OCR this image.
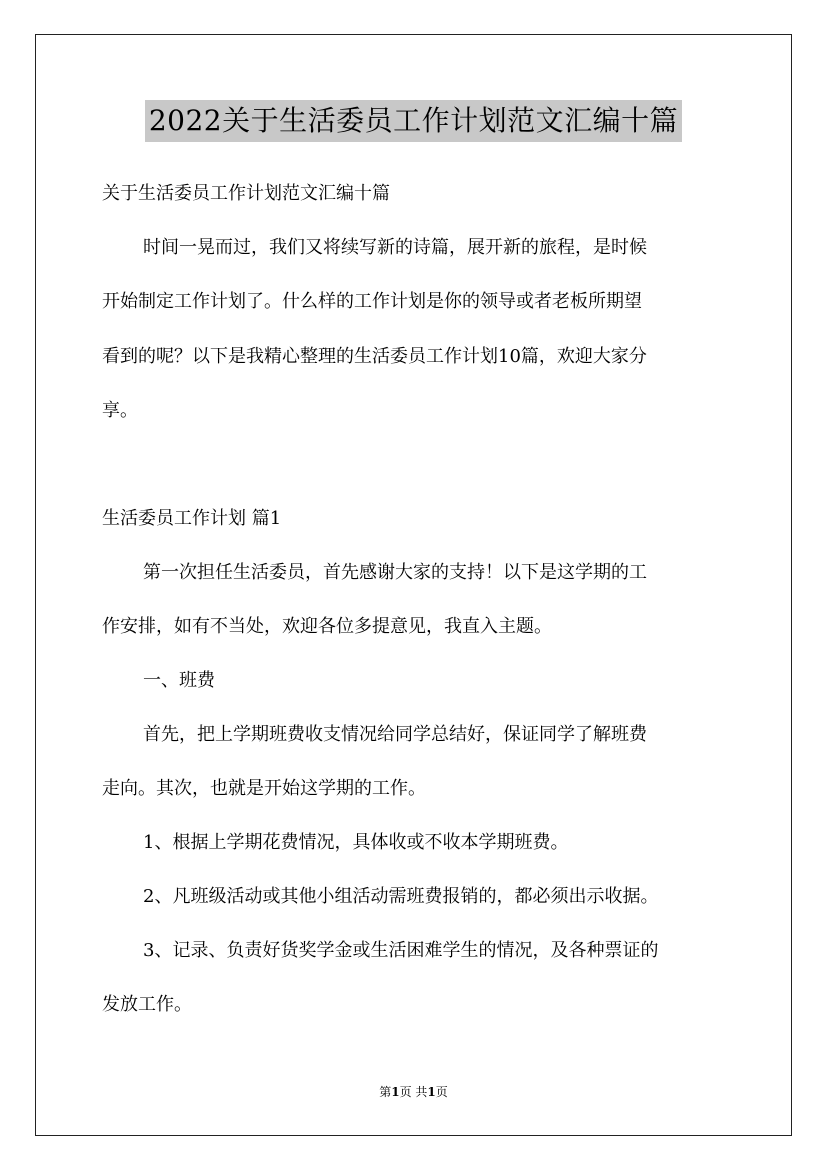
2022关于生活委员工作计划范文汇编十篇
关于生活委员工作计划范文汇编十篇
时间一晃而过，我们又将续写新的诗篇，展开新的旅程，是时候
开始制定工作计划了。什么样的工作计划是你的领导或者老板所期望
看到的呢？以下是我精心整理的生活委员工作计划10篇，欢迎大家分
享。
生活委员工作计划 篇1
第一次担任生活委员，首先感谢大家的支持！以下是这学期的工
作安排，如有不当处，欢迎各位多提意见，我直入主题。
一、班费
首先，把上学期班费收支情况给同学总结好，保证同学了解班费
走向。其次，也就是开始这学期的工作。
1、根据上学期花费情况，具体收或不收本学期班费。
2、凡班级活动或其他小组活动需班费报销的，都必须出示收据。
3、记录、负责好货奖学金或生活困难学生的情况，及各种票证的
发放工作。
第1页 共1页
